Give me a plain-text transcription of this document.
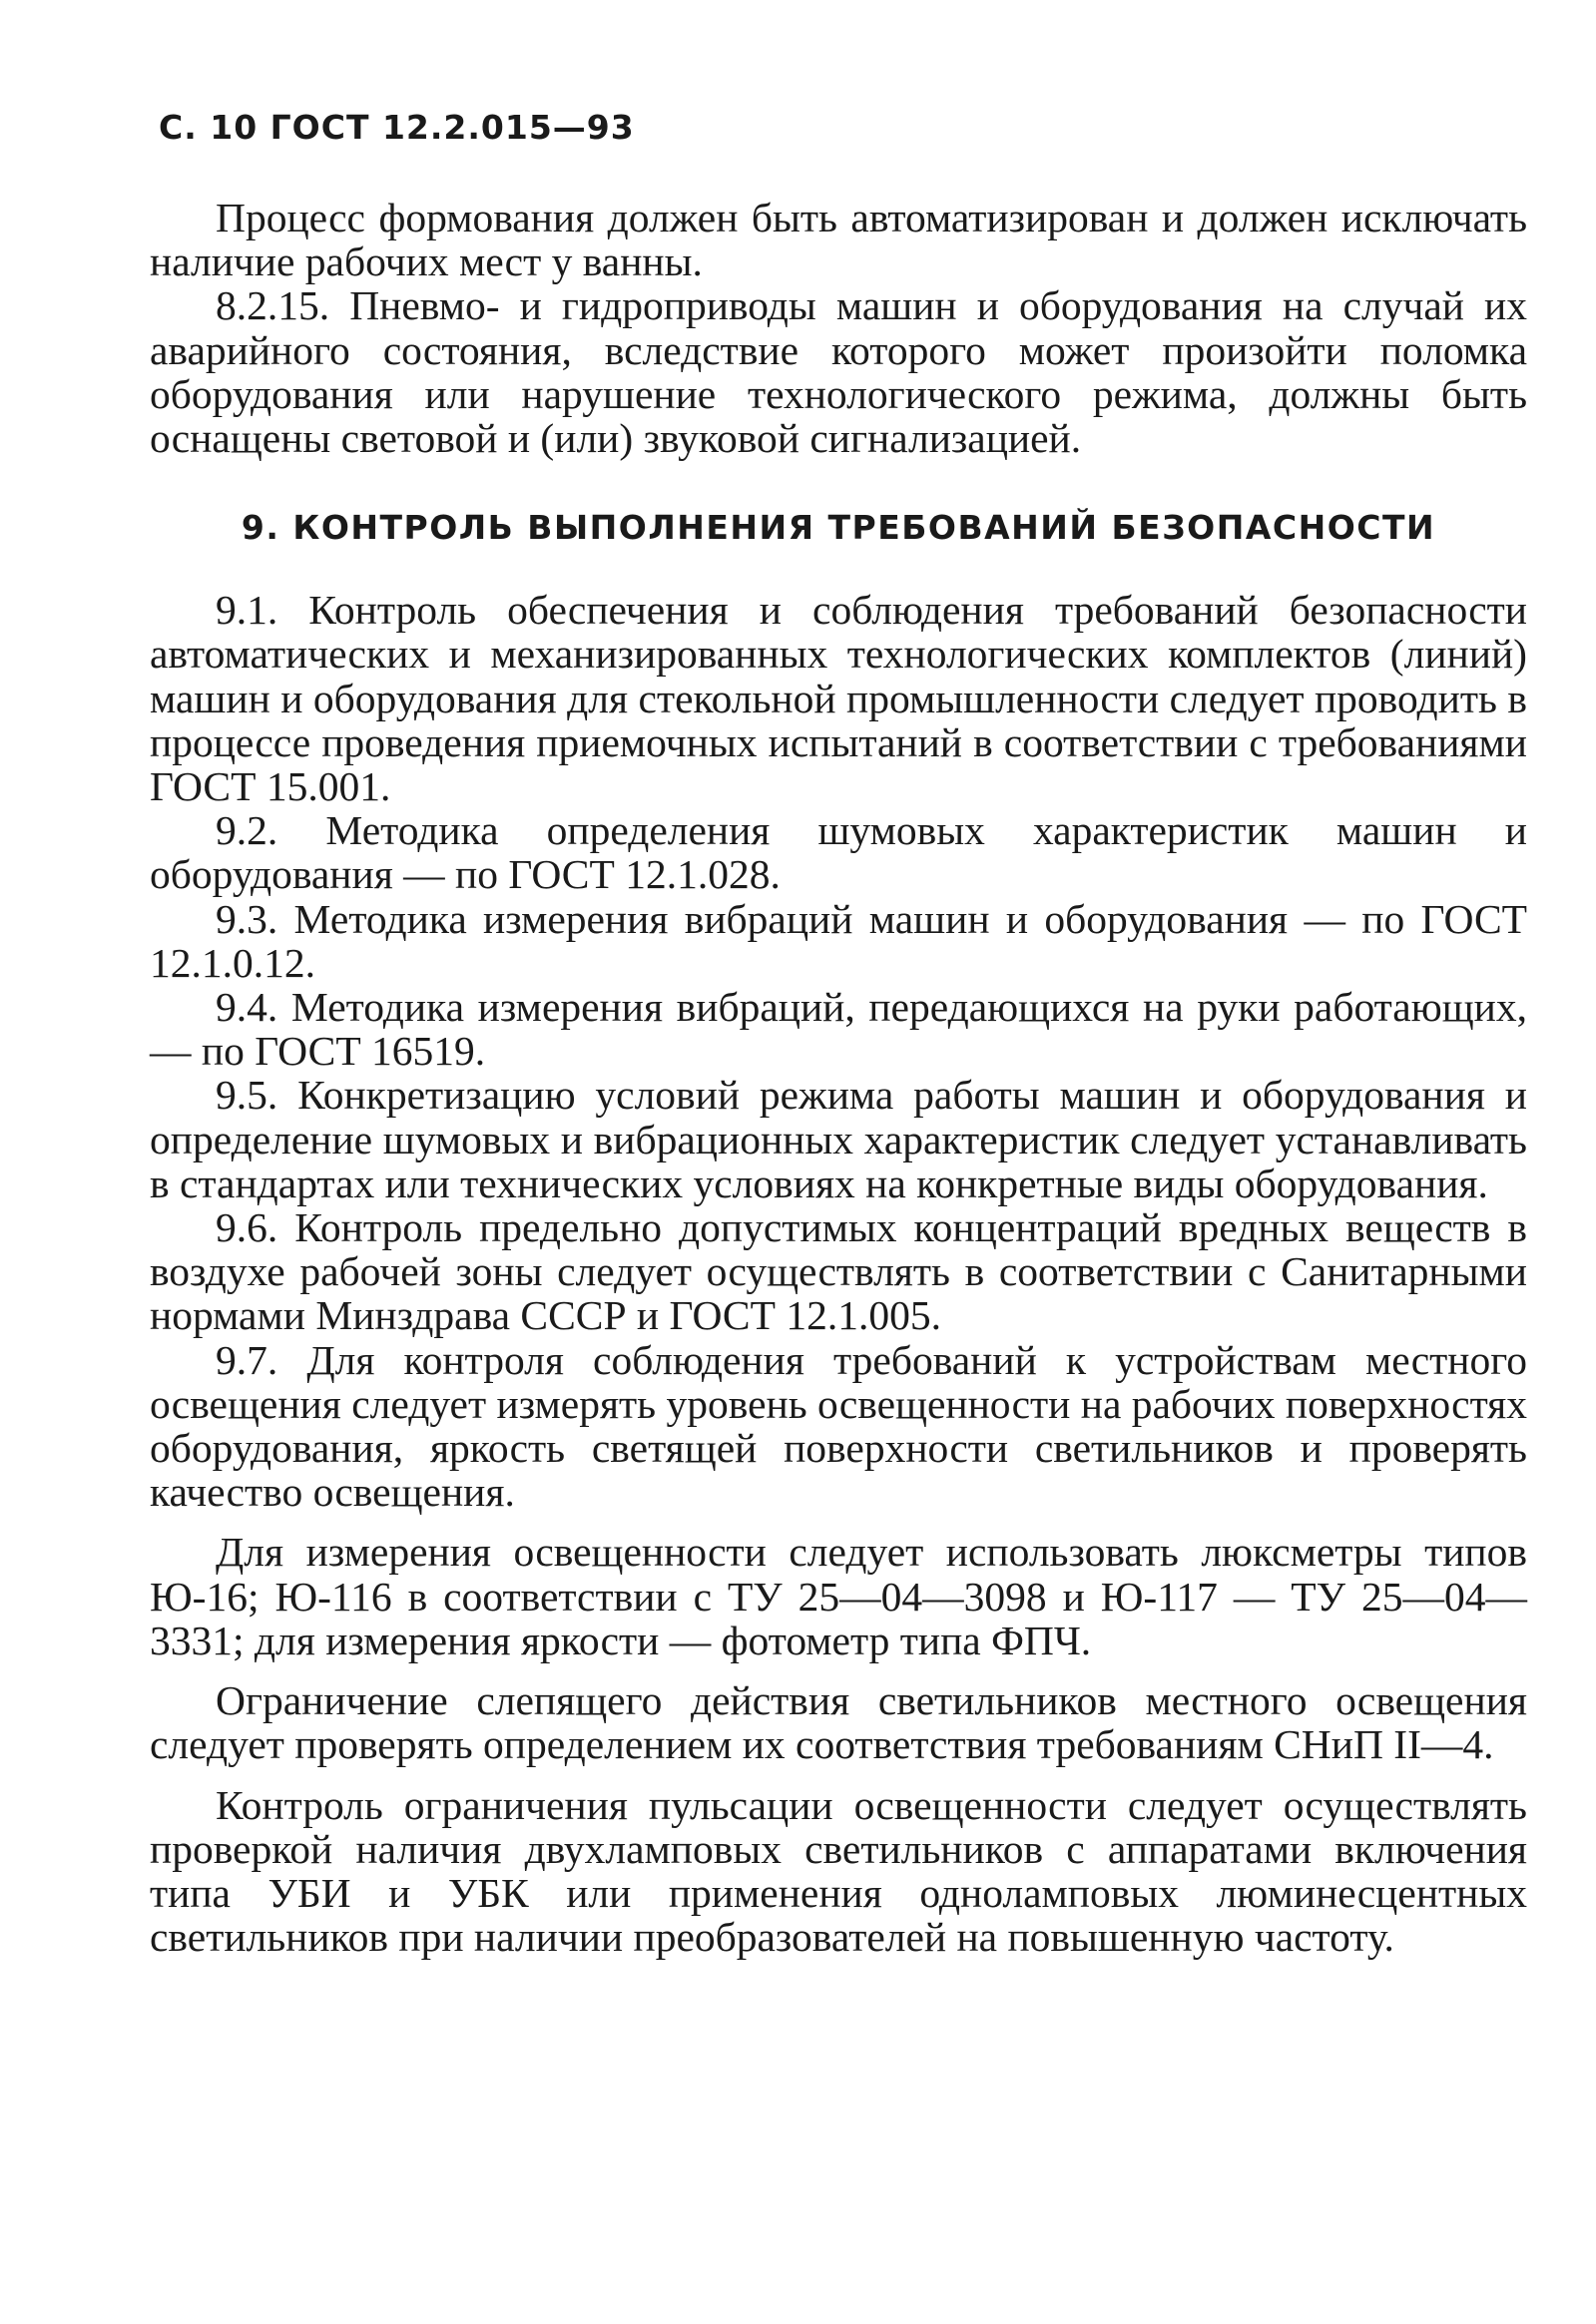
С. 10 ГОСТ 12.2.015—93

Процесс формования должен быть автоматизирован и должен исключать наличие рабочих мест у ванны.

8.2.15. Пневмо- и гидроприводы машин и оборудования на случай их аварийного состояния, вследствие которого может произойти поломка оборудования или нарушение технологического режима, должны быть оснащены световой и (или) звуковой сигнализацией.

9. КОНТРОЛЬ ВЫПОЛНЕНИЯ ТРЕБОВАНИЙ БЕЗОПАСНОСТИ

9.1. Контроль обеспечения и соблюдения требований безопасности автоматических и механизированных технологических комплектов (линий) машин и оборудования для стекольной промышленности следует проводить в процессе проведения приемочных испытаний в соответствии с требованиями ГОСТ 15.001.

9.2. Методика определения шумовых характеристик машин и оборудования — по ГОСТ 12.1.028.

9.3. Методика измерения вибраций машин и оборудования — по ГОСТ 12.1.0.12.

9.4. Методика измерения вибраций, передающихся на руки работающих, — по ГОСТ 16519.

9.5. Конкретизацию условий режима работы машин и оборудования и определение шумовых и вибрационных характеристик следует устанавливать в стандартах или технических условиях на конкретные виды оборудования.

9.6. Контроль предельно допустимых концентраций вредных веществ в воздухе рабочей зоны следует осуществлять в соответствии с Санитарными нормами Минздрава СССР и ГОСТ 12.1.005.

9.7. Для контроля соблюдения требований к устройствам местного освещения следует измерять уровень освещенности на рабочих поверхностях оборудования, яркость светящей поверхности светильников и проверять качество освещения.

Для измерения освещенности следует использовать люксметры типов Ю-16; Ю-116 в соответствии с ТУ 25—04—3098 и Ю-117 — ТУ 25—04—3331; для измерения яркости — фотометр типа ФПЧ.

Ограничение слепящего действия светильников местного освещения следует проверять определением их соответствия требованиям СНиП II—4.

Контроль ограничения пульсации освещенности следует осуществлять проверкой наличия двухламповых светильников с аппаратами включения типа УБИ и УБК или применения одноламповых люминесцентных светильников при наличии преобразователей на повышенную частоту.
